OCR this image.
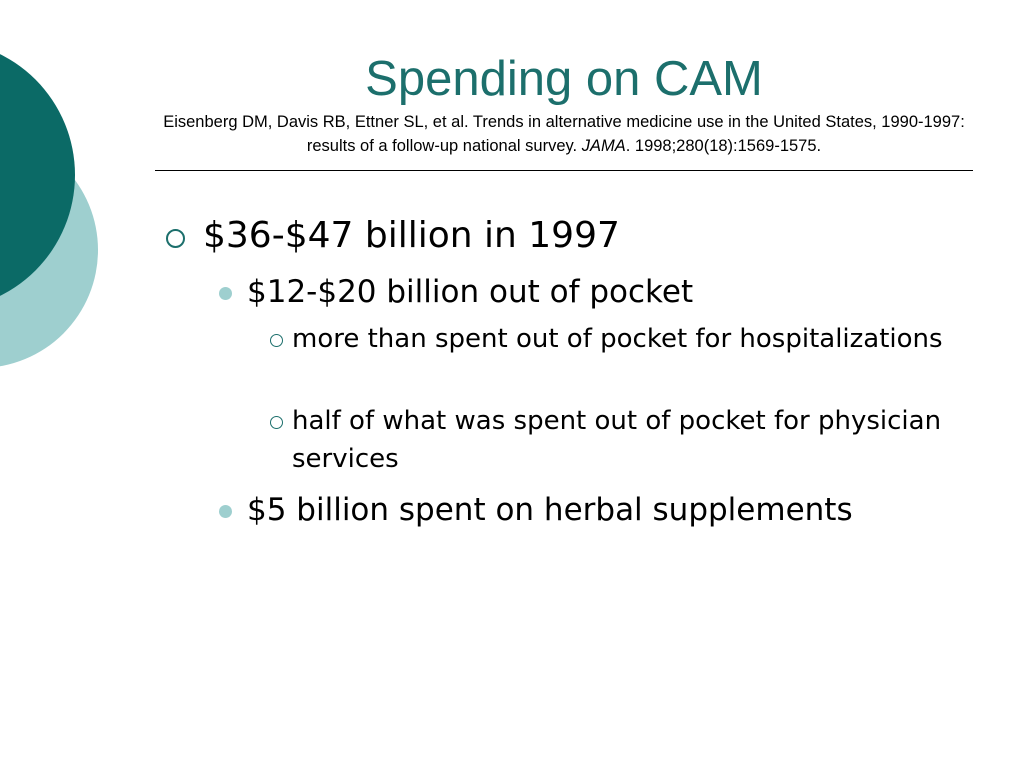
Spending on CAM
Eisenberg DM, Davis RB, Ettner SL, et al. Trends in alternative medicine use in the United States, 1990-1997: results of a follow-up national survey. JAMA. 1998;280(18):1569-1575.
$36-$47 billion in 1997
$12-$20 billion out of pocket
more than spent out of pocket for hospitalizations
half of what was spent out of pocket for physician services
$5 billion spent on herbal supplements
